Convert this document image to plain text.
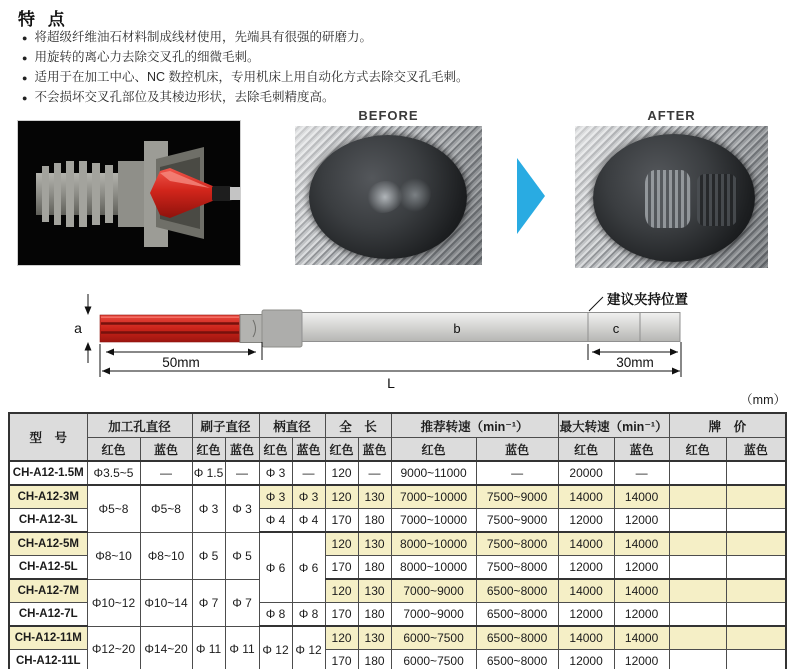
特 点
● 将超级纤维油石材料制成线材使用，先端具有很强的研磨力。
● 用旋转的离心力去除交叉孔的细微毛刺。
● 适用于在加工中心、NC 数控机床，专用机床上用自动化方式去除交叉孔毛刺。
● 不会损坏交叉孔部位及其棱边形状，去除毛刺精度高。
BEFORE	AFTER
a	b	c
50mm	30mm
L
建议夹持位置
（mm）
型　号	加工孔直径		刷子直径		柄直径		全　长		推荐转速（min⁻¹）		最大转速（min⁻¹）		牌　价	
	红色	蓝色	红色	蓝色	红色	蓝色	红色	蓝色	红色	蓝色	红色	蓝色	红色	蓝色
CH-A12-1.5M	Φ3.5~5	—	Φ 1.5	—	Φ 3	—	120	—	9000~11000	—	20000	—		
CH-A12-3M	Φ5~8	Φ5~8	Φ 3	Φ 3	Φ 3	Φ 3	120	130	7000~10000	7500~9000	14000	14000		
CH-A12-3L					Φ 4	Φ 4	170	180	7000~10000	7500~9000	12000	12000		
CH-A12-5M	Φ8~10	Φ8~10	Φ 5	Φ 5	Φ 6	Φ 6	120	130	8000~10000	7500~8000	14000	14000		
CH-A12-5L							170	180	8000~10000	7500~8000	12000	12000		
CH-A12-7M	Φ10~12	Φ10~14	Φ 7	Φ 7			120	130	7000~9000	6500~8000	14000	14000		
CH-A12-7L					Φ 8	Φ 8	170	180	7000~9000	6500~8000	12000	12000		
CH-A12-11M	Φ12~20	Φ14~20	Φ 11	Φ 11	Φ 12	Φ 12	120	130	6000~7500	6500~8000	14000	14000		
CH-A12-11L							170	180	6000~7500	6500~8000	12000	12000		
